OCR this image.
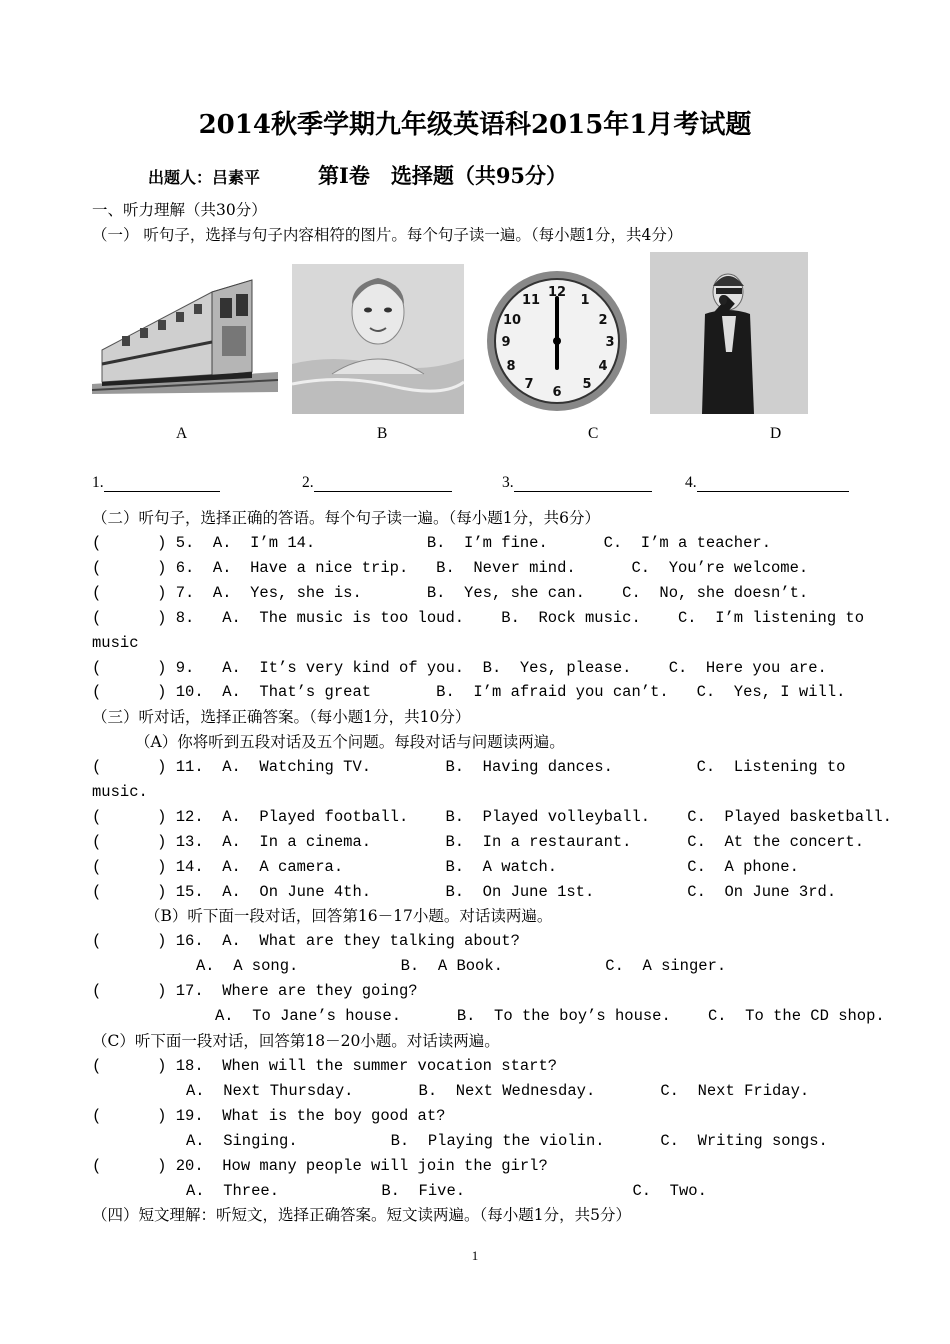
2014秋季学期九年级英语科2015年1月考试题
出题人：吕素平	第Ⅰ卷　选择题（共95分）
一、听力理解（共30分）
（一） 听句子，选择与句子内容相符的图片。每个句子读一遍。（每小题1分，共4分）
12
1
2
3
4
5
6
7
8
9
10
11
A	B	C	D
1.	2.	3.	4.
（二）听句子，选择正确的答语。每个句子读一遍。（每小题1分，共6分）
(      ) 5.  A.  I’m 14.            B.  I’m fine.      C.  I’m a teacher.
(      ) 6.  A.  Have a nice trip.   B.  Never mind.      C.  You’re welcome.
(      ) 7.  A.  Yes, she is.       B.  Yes, she can.    C.  No, she doesn’t.
(      ) 8.   A.  The music is too loud.    B.  Rock music.    C.  I’m listening to
music
(      ) 9.   A.  It’s very kind of you.  B.  Yes, please.    C.  Here you are.
(      ) 10.  A.  That’s great       B.  I’m afraid you can’t.   C.  Yes, I will.
（三）听对话，选择正确答案。（每小题1分，共10分）
（A）你将听到五段对话及五个问题。每段对话与问题读两遍。
(      ) 11.  A.  Watching TV.        B.  Having dances.         C.  Listening to
music.
(      ) 12.  A.  Played football.    B.  Played volleyball.    C.  Played basketball.
(      ) 13.  A.  In a cinema.        B.  In a restaurant.      C.  At the concert.
(      ) 14.  A.  A camera.           B.  A watch.              C.  A phone.
(      ) 15.  A.  On June 4th.        B.  On June 1st.          C.  On June 3rd.
（B）听下面一段对话，回答第16－17小题。对话读两遍。
(      ) 16.  A.  What are they talking about?
A.  A song.           B.  A Book.           C.  A singer.
(      ) 17.  Where are they going?
A.  To Jane’s house.      B.  To the boy’s house.    C.  To the CD shop.
（C）听下面一段对话，回答第18－20小题。对话读两遍。
(      ) 18.  When will the summer vocation start?
A.  Next Thursday.       B.  Next Wednesday.       C.  Next Friday.
(      ) 19.  What is the boy good at?
A.  Singing.          B.  Playing the violin.      C.  Writing songs.
(      ) 20.  How many people will join the girl?
A.  Three.           B.  Five.                  C.  Two.
（四）短文理解：听短文，选择正确答案。短文读两遍。（每小题1分，共5分）
1
